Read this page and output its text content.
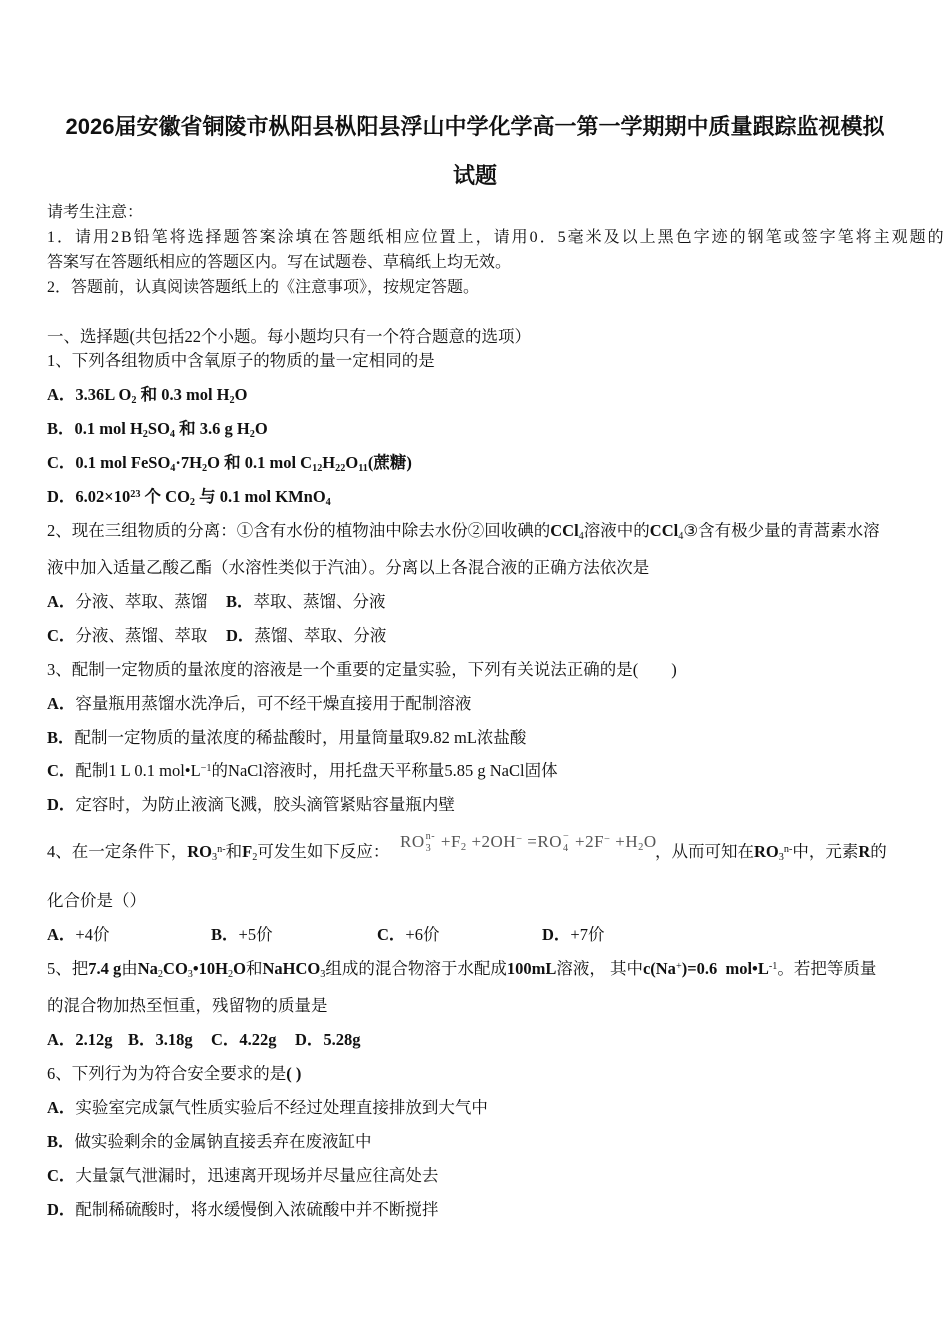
2026届安徽省铜陵市枞阳县枞阳县浮山中学化学高一第一学期期中质量跟踪监视模拟
试题
请考生注意：
1．请用2B铅笔将选择题答案涂填在答题纸相应位置上，请用0．5毫米及以上黑色字迹的钢笔或签字笔将主观题的
答案写在答题纸相应的答题区内。写在试题卷、草稿纸上均无效。
2．答题前，认真阅读答题纸上的《注意事项》，按规定答题。
一、选择题(共包括22个小题。每小题均只有一个符合题意的选项）
1、下列各组物质中含氧原子的物质的量一定相同的是
A．3.36L $O_2$ 和 0.3 mol $H_2O$
B．0.1 mol $H_2SO_4$ 和 3.6 g $H_2O$
C．0.1 mol $FeSO_4\cdot 7H_2O$ 和 0.1 mol $C_{12}H_{22}O_{11}$(蔗糖)
D．$6.02\times 10^{23}$ 个 $CO_2$ 与 0.1 mol KMnO$_4$
2、现在三组物质的分离：①含有水份的植物油中除去水份②回收碘的CCl$_4$溶液中的CCl$_4$③含有极少量的青蒿素水溶
液中加入适量乙酸乙酯（水溶性类似于汽油）。分离以上各混合液的正确方法依次是
A．分液、萃取、蒸馏 B．萃取、蒸馏、分液
C．分液、蒸馏、萃取 D．蒸馏、萃取、分液
3、配制一定物质的量浓度的溶液是一个重要的定量实验，下列有关说法正确的是(　　)
A．容量瓶用蒸馏水洗净后，可不经干燥直接用于配制溶液
B．配制一定物质的量浓度的稀盐酸时，用量筒量取9.82 mL浓盐酸
C．配制1 L 0.1 $mol•L^{-1}$的NaCl溶液时，用托盘天平称量5.85 g NaCl固体
D．定容时，为防止液滴飞溅，胶头滴管紧贴容量瓶内壁
4、在一定条件下，$RO_3^{n-}$和$F_2$可发生如下反应：
RO n-
$3 +F_2 +2OH^- =RO$ −
$4 +2F^- +H_2O$
，从而可知在$RO_3^{n-}$中，元素R的
化合价是（）
A．+4价	B．+5价	C．+6价	D．+7价
5、把7.4 g由$Na_2CO_3•10H_2O$和NaHCO$_3$组成的混合物溶于水配成100mL溶液， 其中c(Na+)=0.6  $mol•L^{-1}$。若把等质量
的混合物加热至恒重，残留物的质量是
A．2.12g B．3.18g C．4.22g D．5.28g
6、下列行为为符合安全要求的是( )
A．实验室完成氯气性质实验后不经过处理直接排放到大气中
B．做实验剩余的金属钠直接丢弃在废液缸中
C．大量氯气泄漏时，迅速离开现场并尽量应往高处去
D．配制稀硫酸时，将水缓慢倒入浓硫酸中并不断搅拌
